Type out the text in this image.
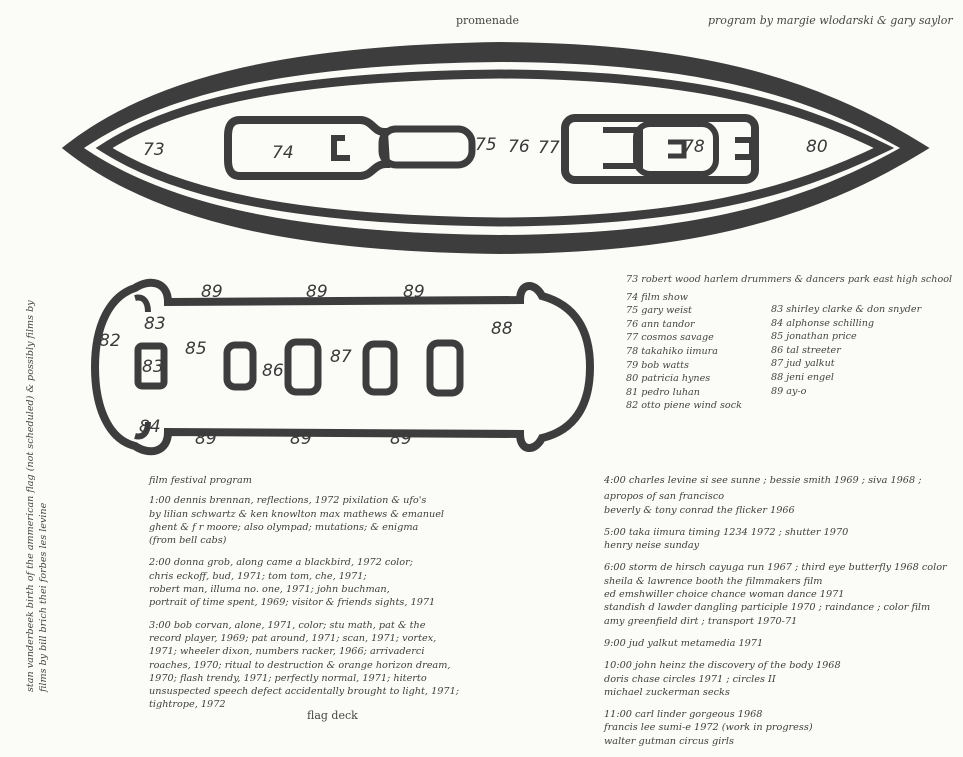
promenade	program by margie wlodarski & gary saylor
73	74	75 76 77	78	80
89	89	89
82
83	88
85
83	86
87
84
89	89	89
73 robert wood harlem drummers & dancers park east high school
74 film show
75 gary weist
76 ann tandor
77 cosmos savage
78 takahiko iimura
79 bob watts
80 patricia hynes
81 pedro luhan
82 otto piene wind sock
83 shirley clarke & don snyder
84 alphonse schilling
85 jonathan price
86 tal streeter
87 jud yalkut
88 jeni engel
89 ay-o
stan vanderbeek birth of the ammerican flag (not scheduled) & possibly films by films by bill brich thei forbes les levine
film festival program
1:00 dennis brennan, reflections, 1972 pixilation & ufo's
by lilian schwartz & ken knowlton max mathews & emanuel
ghent & f r moore; also olympad; mutations; & enigma
(from bell cabs)
2:00 donna grob, along came a blackbird, 1972 color;
chris eckoff, bud, 1971; tom tom, che, 1971;
robert man, illuma no. one, 1971; john buchman,
portrait of time spent, 1969; visitor & friends sights, 1971
3:00 bob corvan, alone, 1971, color; stu math, pat & the
record player, 1969; pat around, 1971; scan, 1971; vortex,
1971; wheeler dixon, numbers racker, 1966; arrivaderci
roaches, 1970; ritual to destruction & orange horizon dream,
1970; flash trendy, 1971; perfectly normal, 1971; hiterto
unsuspected speech defect accidentally brought to light, 1971;
tightrope, 1972
4:00 charles levine si see sunne ; bessie smith 1969 ; siva 1968 ;
apropos of san francisco
beverly & tony conrad the flicker 1966
5:00 taka iimura timing 1234 1972 ; shutter 1970
henry neise sunday
6:00 storm de hirsch cayuga run 1967 ; third eye butterfly 1968 color
sheila & lawrence booth the filmmakers film
ed emshwiller choice chance woman dance 1971
standish d lawder dangling participle 1970 ; raindance ; color film
amy greenfield dirt ; transport 1970-71
9:00 jud yalkut metamedia 1971
10:00 john heinz the discovery of the body 1968
doris chase circles 1971 ; circles II
michael zuckerman secks
11:00 carl linder gorgeous 1968
francis lee sumi-e 1972 (work in progress)
walter gutman circus girls
flag deck
